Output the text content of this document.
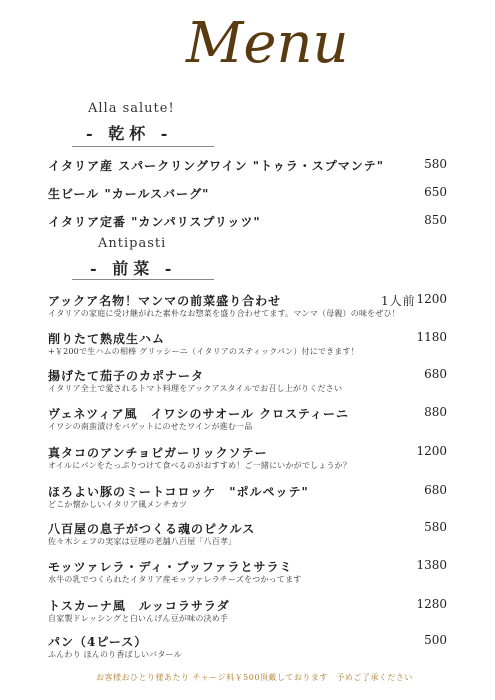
Menu
Alla salute!
- 乾杯 -
イタリア産 スパークリングワイン "トゥラ・スプマンテ"	580
生ビール "カールスバーグ"	650
イタリア定番 "カンパリスプリッツ"	850
Antipasti
- 前菜 -
アックア名物！マンマの前菜盛り合わせ	1人前 1200
イタリアの家庭に受け継がれた素朴なお惣菜を盛り合わせてます。マンマ（母親）の味をぜひ！
削りたて熟成生ハム	1180
+￥200で生ハムの相棒 グリッシーニ（イタリアのスティックパン）付にできます！
揚げたて茄子のカポナータ	680
イタリア全土で愛されるトマト料理をアックアスタイルでお召し上がりください
ヴェネツィア風　イワシのサオール クロスティーニ	880
イワシの南蛮漬けをバゲットにのせたワインが進む一品
真タコのアンチョビガーリックソテー	1200
オイルにパンをたっぷりつけて食べるのがおすすめ！ご一緒にいかがでしょうか？
ほろよい豚のミートコロッケ　"ポルペッテ"	680
どこか懐かしいイタリア風メンチカツ
八百屋の息子がつくる魂のピクルス	580
佐々木シェフの実家は豆理の老舗八百屋「八百孝」
モッツァレラ・ディ・ブッファラとサラミ	1380
水牛の乳でつくられたイタリア産モッツァレラチーズをつかってます
トスカーナ風　ルッコラサラダ	1280
自家製ドレッシングと白いんげん豆が味の決め手
パン（4ピース）	500
ふんわり ほんのり香ばしいバタール
お客様おひとり様あたり チャージ料￥500頂戴しております　予めご了承ください
